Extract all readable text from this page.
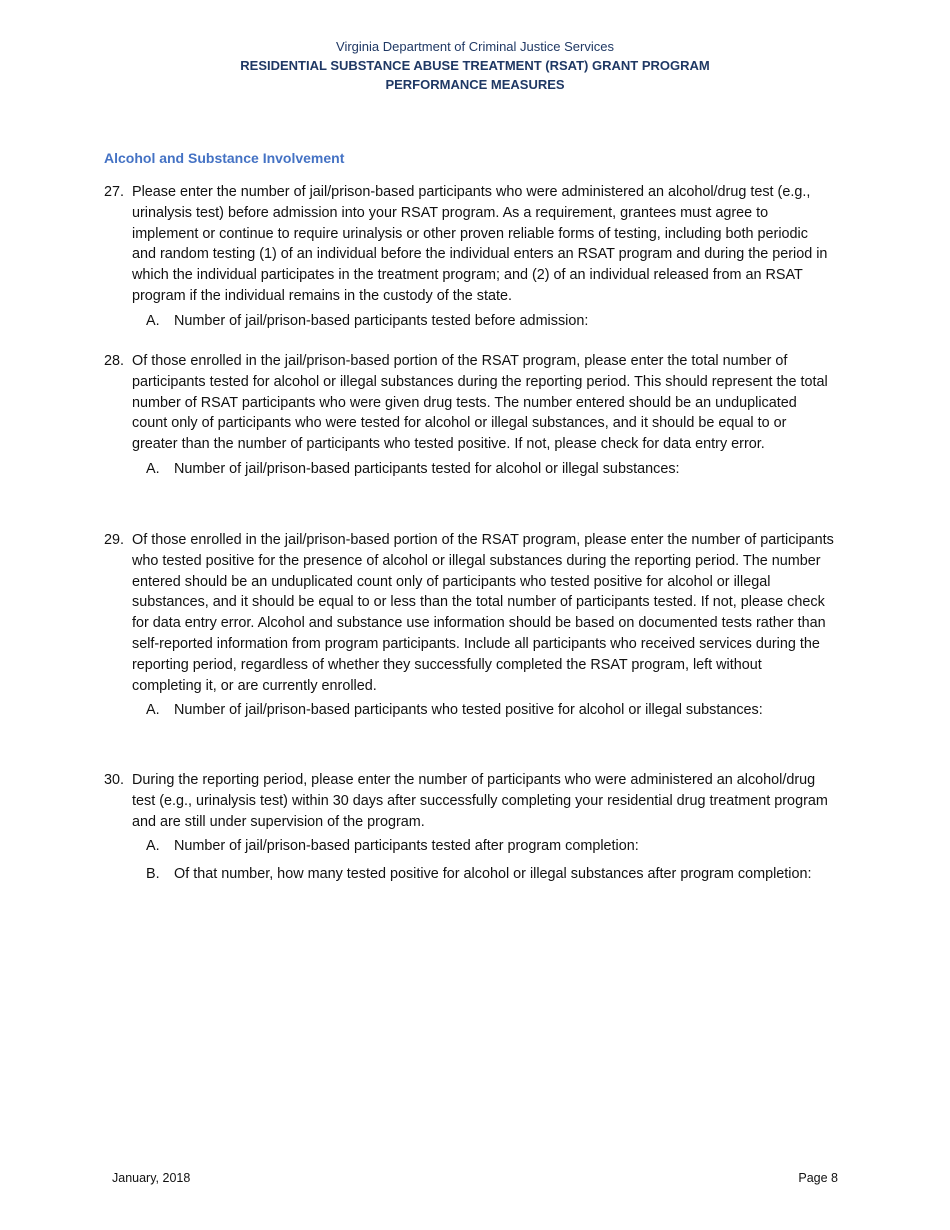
Virginia Department of Criminal Justice Services
RESIDENTIAL SUBSTANCE ABUSE TREATMENT (RSAT) GRANT PROGRAM
PERFORMANCE MEASURES
Alcohol and Substance Involvement
27. Please enter the number of jail/prison-based participants who were administered an alcohol/drug test (e.g., urinalysis test) before admission into your RSAT program. As a requirement, grantees must agree to implement or continue to require urinalysis or other proven reliable forms of testing, including both periodic and random testing (1) of an individual before the individual enters an RSAT program and during the period in which the individual participates in the treatment program; and (2) of an individual released from an RSAT program if the individual remains in the custody of the state.
A. Number of jail/prison-based participants tested before admission:
28. Of those enrolled in the jail/prison-based portion of the RSAT program, please enter the total number of participants tested for alcohol or illegal substances during the reporting period. This should represent the total number of RSAT participants who were given drug tests. The number entered should be an unduplicated count only of participants who were tested for alcohol or illegal substances, and it should be equal to or greater than the number of participants who tested positive. If not, please check for data entry error.
A. Number of jail/prison-based participants tested for alcohol or illegal substances:
29. Of those enrolled in the jail/prison-based portion of the RSAT program, please enter the number of participants who tested positive for the presence of alcohol or illegal substances during the reporting period. The number entered should be an unduplicated count only of participants who tested positive for alcohol or illegal substances, and it should be equal to or less than the total number of participants tested. If not, please check for data entry error. Alcohol and substance use information should be based on documented tests rather than self-reported information from program participants. Include all participants who received services during the reporting period, regardless of whether they successfully completed the RSAT program, left without completing it, or are currently enrolled.
A. Number of jail/prison-based participants who tested positive for alcohol or illegal substances:
30. During the reporting period, please enter the number of participants who were administered an alcohol/drug test (e.g., urinalysis test) within 30 days after successfully completing your residential drug treatment program and are still under supervision of the program.
A. Number of jail/prison-based participants tested after program completion:
B. Of that number, how many tested positive for alcohol or illegal substances after program completion:
January, 2018	Page 8
